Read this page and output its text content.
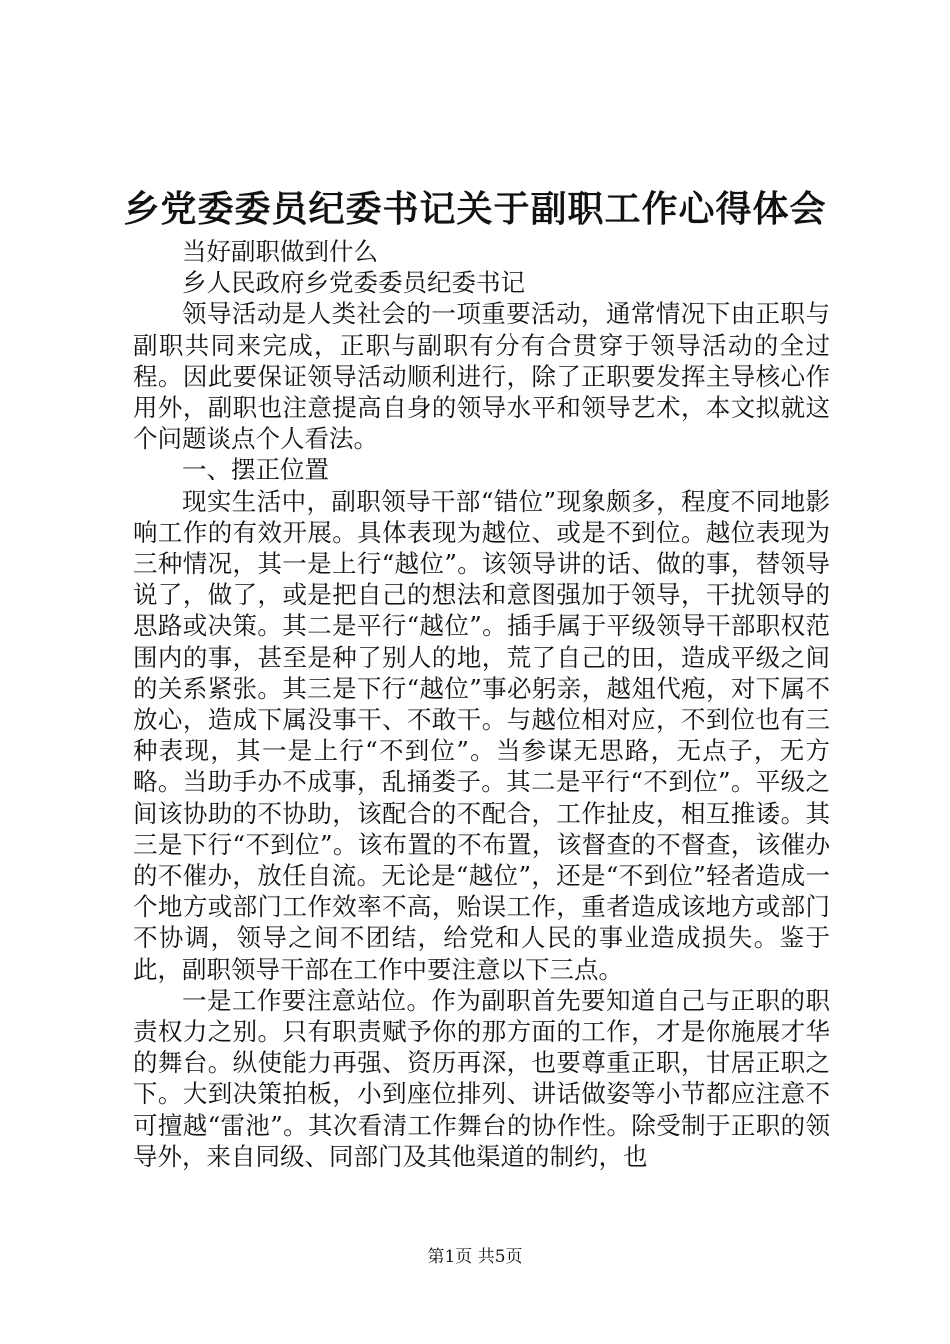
乡党委委员纪委书记关于副职工作心得体会

当好副职做到什么

乡人民政府乡党委委员纪委书记

领导活动是人类社会的一项重要活动，通常情况下由正职与副职共同来完成，正职与副职有分有合贯穿于领导活动的全过程。因此要保证领导活动顺利进行，除了正职要发挥主导核心作用外，副职也注意提高自身的领导水平和领导艺术，本文拟就这个问题谈点个人看法。

一、摆正位置

现实生活中，副职领导干部“错位”现象颇多，程度不同地影响工作的有效开展。具体表现为越位、或是不到位。越位表现为三种情况，其一是上行“越位”。该领导讲的话、做的事，替领导说了，做了，或是把自己的想法和意图强加于领导，干扰领导的思路或决策。其二是平行“越位”。插手属于平级领导干部职权范围内的事，甚至是种了别人的地，荒了自己的田，造成平级之间的关系紧张。其三是下行“越位”事必躬亲，越俎代疱，对下属不放心，造成下属没事干、不敢干。与越位相对应，不到位也有三种表现，其一是上行“不到位”。当参谋无思路，无点子，无方略。当助手办不成事，乱捅娄子。其二是平行“不到位”。平级之间该协助的不协助，该配合的不配合，工作扯皮，相互推诿。其三是下行“不到位”。该布置的不布置，该督查的不督查，该催办的不催办，放任自流。无论是“越位”，还是“不到位”轻者造成一个地方或部门工作效率不高，贻误工作，重者造成该地方或部门不协调，领导之间不团结，给党和人民的事业造成损失。鉴于此，副职领导干部在工作中要注意以下三点。

一是工作要注意站位。作为副职首先要知道自己与正职的职责权力之别。只有职责赋予你的那方面的工作，才是你施展才华的舞台。纵使能力再强、资历再深，也要尊重正职，甘居正职之下。大到决策拍板，小到座位排列、讲话做姿等小节都应注意不可擅越“雷池”。其次看清工作舞台的协作性。除受制于正职的领导外，来自同级、同部门及其他渠道的制约，也

第1页 共5页
